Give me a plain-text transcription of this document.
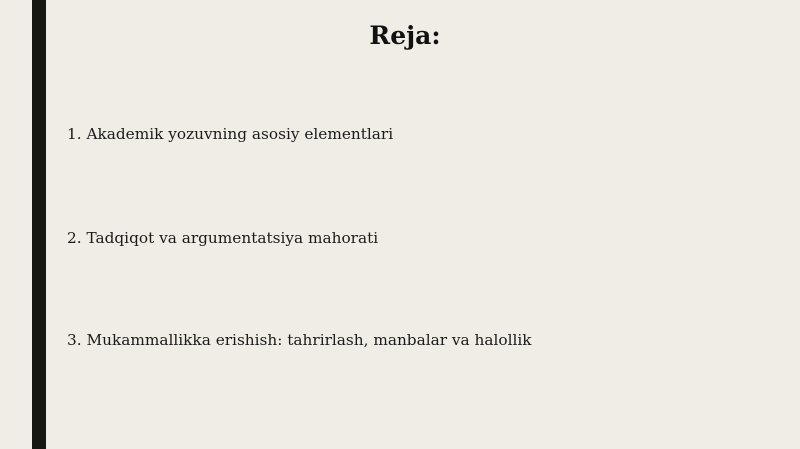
Reja:
1. Akademik yozuvning asosiy elementlari
2. Tadqiqot va argumentatsiya mahorati
3. Mukammallikka erishish: tahrirlash, manbalar va halollik
